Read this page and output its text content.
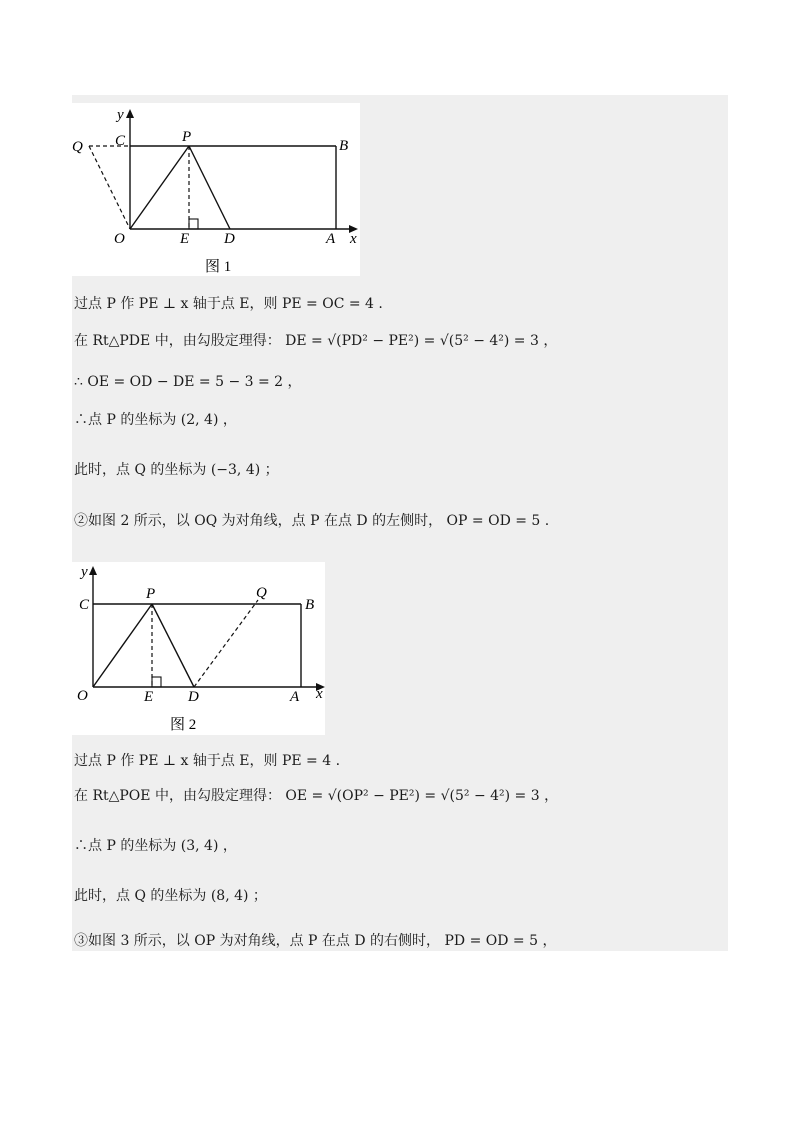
y
C	P
B
Q
O	E D	A x
图 1
过点 P 作 PE ⊥ x 轴于点 E，则 PE = OC = 4 .
在 Rt△PDE 中，由勾股定理得： DE = √(PD² − PE²) = √(5² − 4²) = 3 ，
∴ OE = OD − DE = 5 − 3 = 2 ，
∴点 P 的坐标为 (2, 4) ，
此时，点 Q 的坐标为 (−3, 4) ；
②如图 2 所示，以 OQ 为对角线，点 P 在点 D 的左侧时， OP = OD = 5 .
y
C
P	Q
B
O	E D	A x
图 2
过点 P 作 PE ⊥ x 轴于点 E，则 PE = 4 .
在 Rt△POE 中，由勾股定理得： OE = √(OP² − PE²) = √(5² − 4²) = 3 ，
∴点 P 的坐标为 (3, 4) ，
此时，点 Q 的坐标为 (8, 4) ；
③如图 3 所示，以 OP 为对角线，点 P 在点 D 的右侧时， PD = OD = 5 ，
